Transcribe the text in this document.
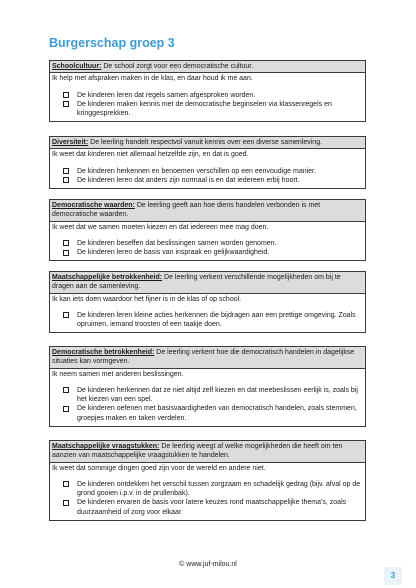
Burgerschap groep 3
Schoolcultuur: De school zorgt voor een democratische cultuur.
Ik help met afspraken maken in de klas, en daar houd ik me aan.
De kinderen leren dat regels samen afgesproken worden.
De kinderen maken kennis met de democratische beginselen via klassenregels en kringgesprekken.
Diversiteit: De leerling handelt respectvol vanuit kennis over een diverse samenleving.
Ik weet dat kinderen niet allemaal hetzelfde zijn, en dat is goed.
De kinderen herkennen en benoemen verschillen op een eenvoudige manier.
De kinderen leren dat anders zijn normaal is en dat iedereen erbij hoort.
Democratische waarden: De leerling geeft aan hoe diens handelen verbonden is met democratische waarden.
Ik weet dat we samen moeten kiezen en dat iedereen mee mag doen.
De kinderen beseffen dat beslissingen samen worden genomen.
De kinderen leren de basis van inspraak en gelijkwaardigheid.
Maatschappelijke betrokkenheid: De leerling verkent verschillende mogelijkheden om bij te dragen aan de samenleving.
Ik kan iets doen waardoor het fijner is in de klas of op school.
De kinderen leren kleine acties herkennen die bijdragen aan een prettige omgeving. Zoals opruimen, iemand troosten of een taakje doen.
Democratische betrokkenheid: De leerling verkent hoe die democratisch handelen in dagelijkse situaties kan vormgeven.
Ik neem samen met anderen beslissingen.
De kinderen herkennen dat ze niet altijd zelf kiezen en dat meebeslissen eerlijk is, zoals bij het kiezen van een spel.
De kinderen oefenen met basisvaardigheden van democratisch handelen, zoals stemmen, groepjes maken en taken verdelen.
Maatschappelijke vraagstukken: De leerling weegt af welke mogelijkheden die heeft om ten aanzien van maatschappelijke vraagstukken te handelen.
Ik weet dat sommige dingen goed zijn voor de wereld en andere niet.
De kinderen ontdekken het verschil tussen zorgzaam en schadelijk gedrag (bijv. afval op de grond gooien i.p.v. in de prullenbak).
De kinderen ervaren de basis voor latere keuzes rond maatschappelijke thema’s, zoals duurzaamheid of zorg voor elkaar.
© www.juf-milou.nl
3
